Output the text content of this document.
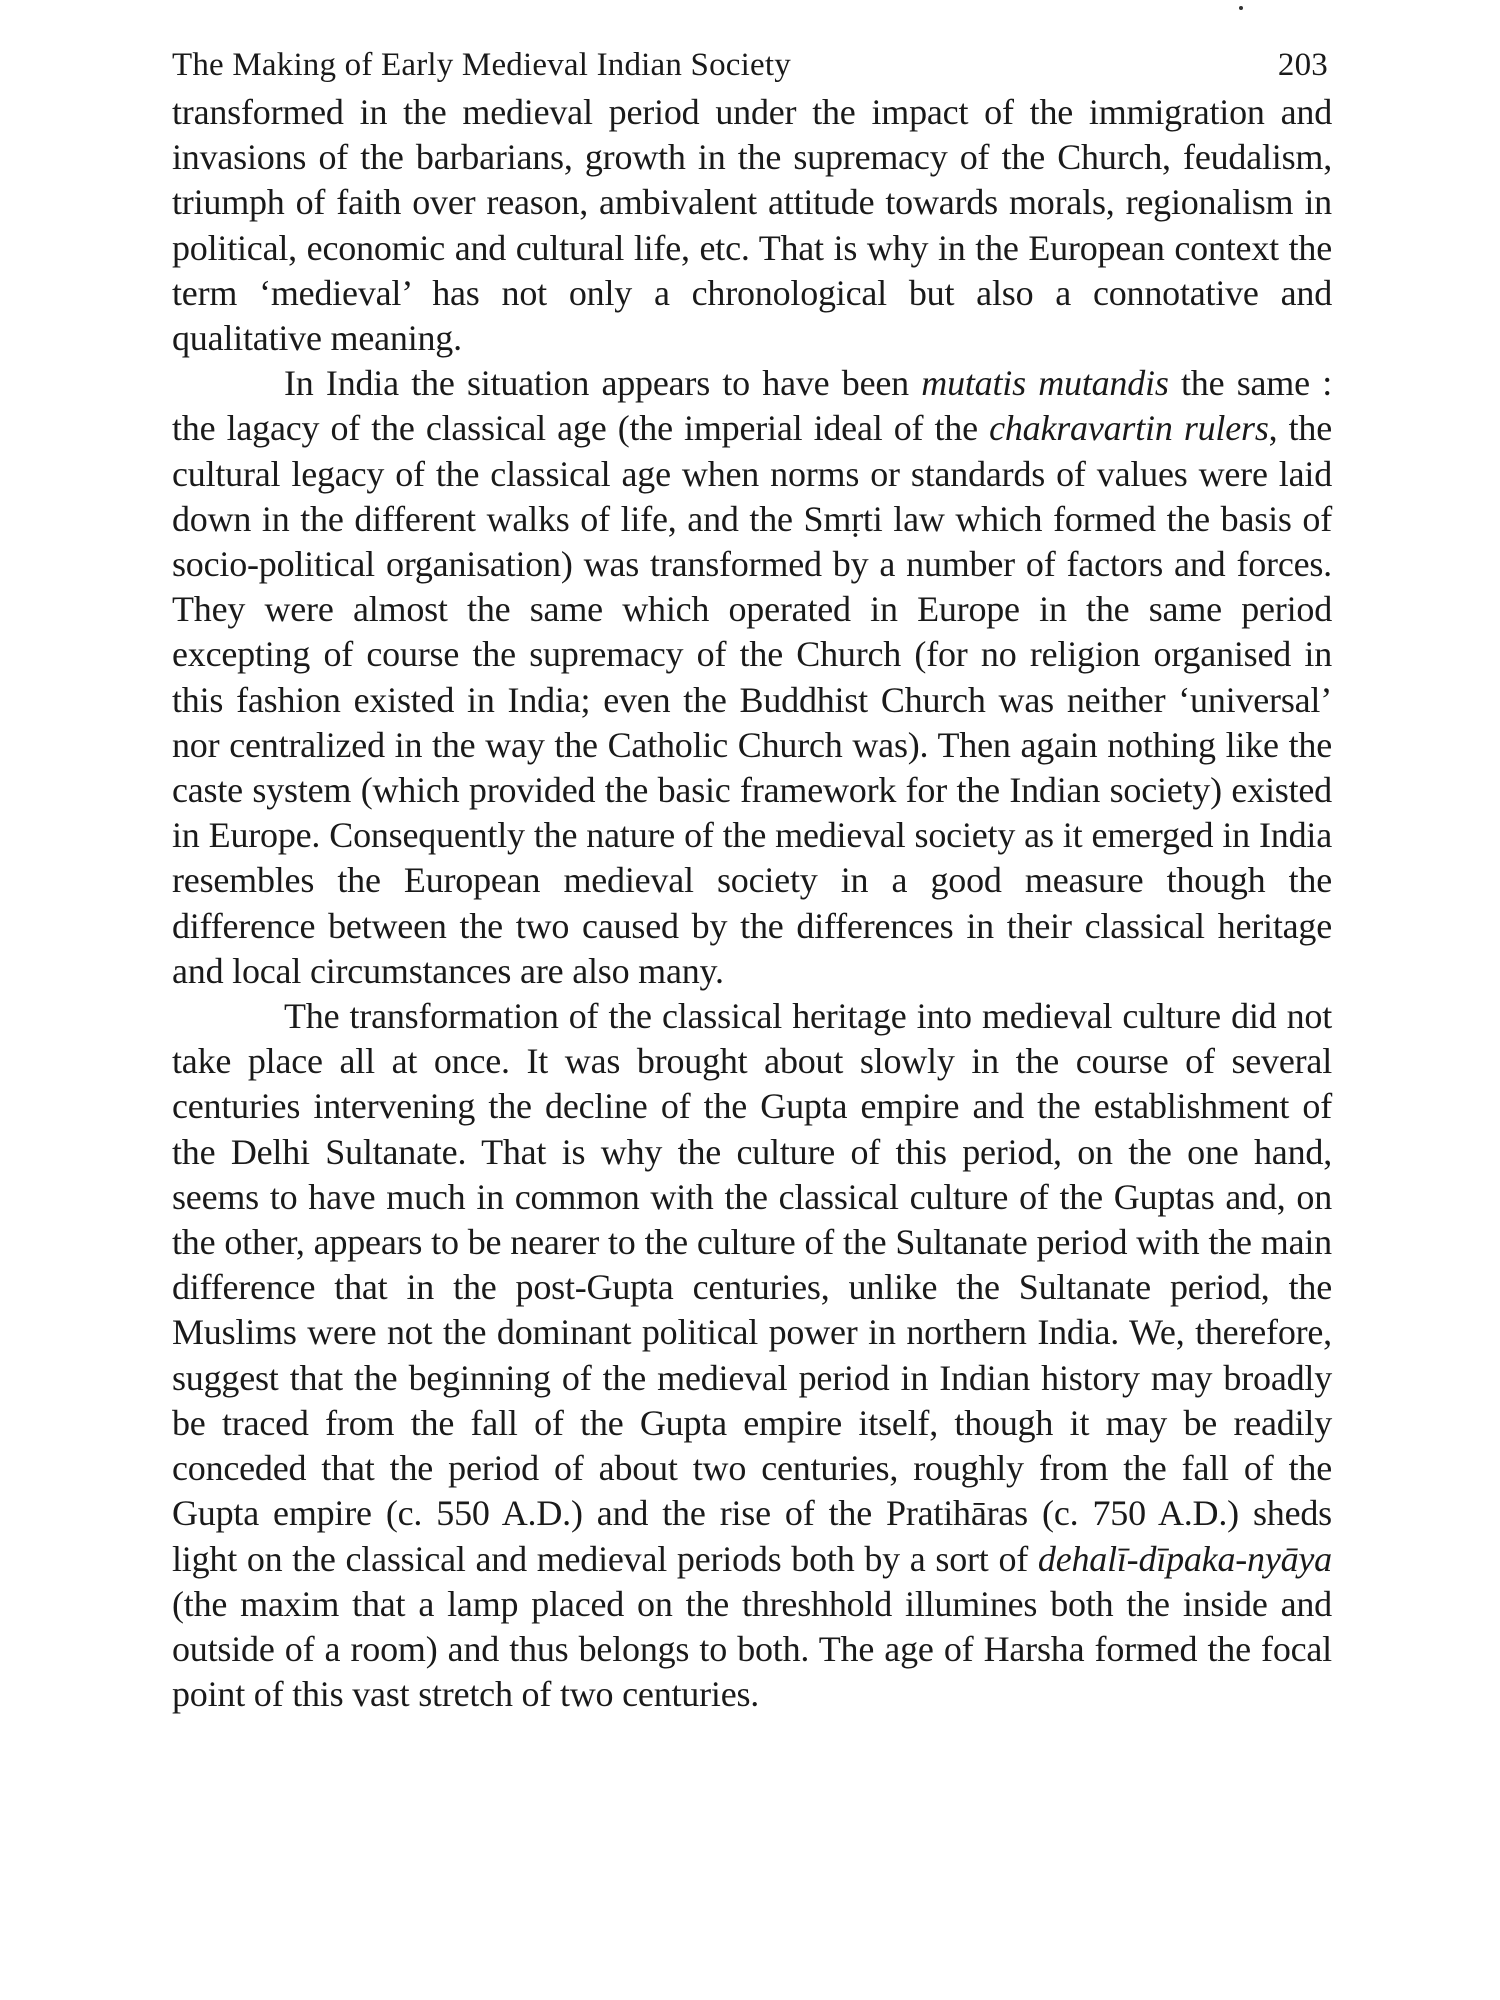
The Making of Early Medieval Indian Society	203

transformed in the medieval period under the impact of the immigration and invasions of the barbarians, growth in the supremacy of the Church, feudalism, triumph of faith over reason, ambivalent attitude towards morals, regionalism in political, economic and cultural life, etc. That is why in the European context the term ‘medieval’ has not only a chronological but also a connotative and qualitative meaning.

In India the situation appears to have been mutatis mutandis the same : the lagacy of the classical age (the imperial ideal of the chakravartin rulers, the cultural legacy of the classical age when norms or standards of values were laid down in the different walks of life, and the Smṛti law which formed the basis of socio-political organisation) was transformed by a number of factors and forces. They were almost the same which operated in Europe in the same period excepting of course the supremacy of the Church (for no religion organised in this fashion existed in India; even the Buddhist Church was neither ‘universal’ nor centralized in the way the Catholic Church was). Then again nothing like the caste system (which provided the basic framework for the Indian society) existed in Europe. Consequently the nature of the medieval society as it emerged in India resembles the European medieval society in a good measure though the difference between the two caused by the differences in their classical heritage and local circumstances are also many.

The transformation of the classical heritage into medieval culture did not take place all at once. It was brought about slowly in the course of several centuries intervening the decline of the Gupta empire and the establishment of the Delhi Sultanate. That is why the culture of this period, on the one hand, seems to have much in common with the classical culture of the Guptas and, on the other, appears to be nearer to the culture of the Sultanate period with the main difference that in the post-Gupta centuries, unlike the Sultanate period, the Muslims were not the dominant political power in northern India. We, therefore, suggest that the beginning of the medieval period in Indian history may broadly be traced from the fall of the Gupta empire itself, though it may be readily conceded that the period of about two centuries, roughly from the fall of the Gupta empire (c. 550 A.D.) and the rise of the Pratihāras (c. 750 A.D.) sheds light on the classical and medieval periods both by a sort of dehalī-dīpaka-nyāya (the maxim that a lamp placed on the threshhold illumines both the inside and outside of a room) and thus belongs to both. The age of Harsha formed the focal point of this vast stretch of two centuries.
